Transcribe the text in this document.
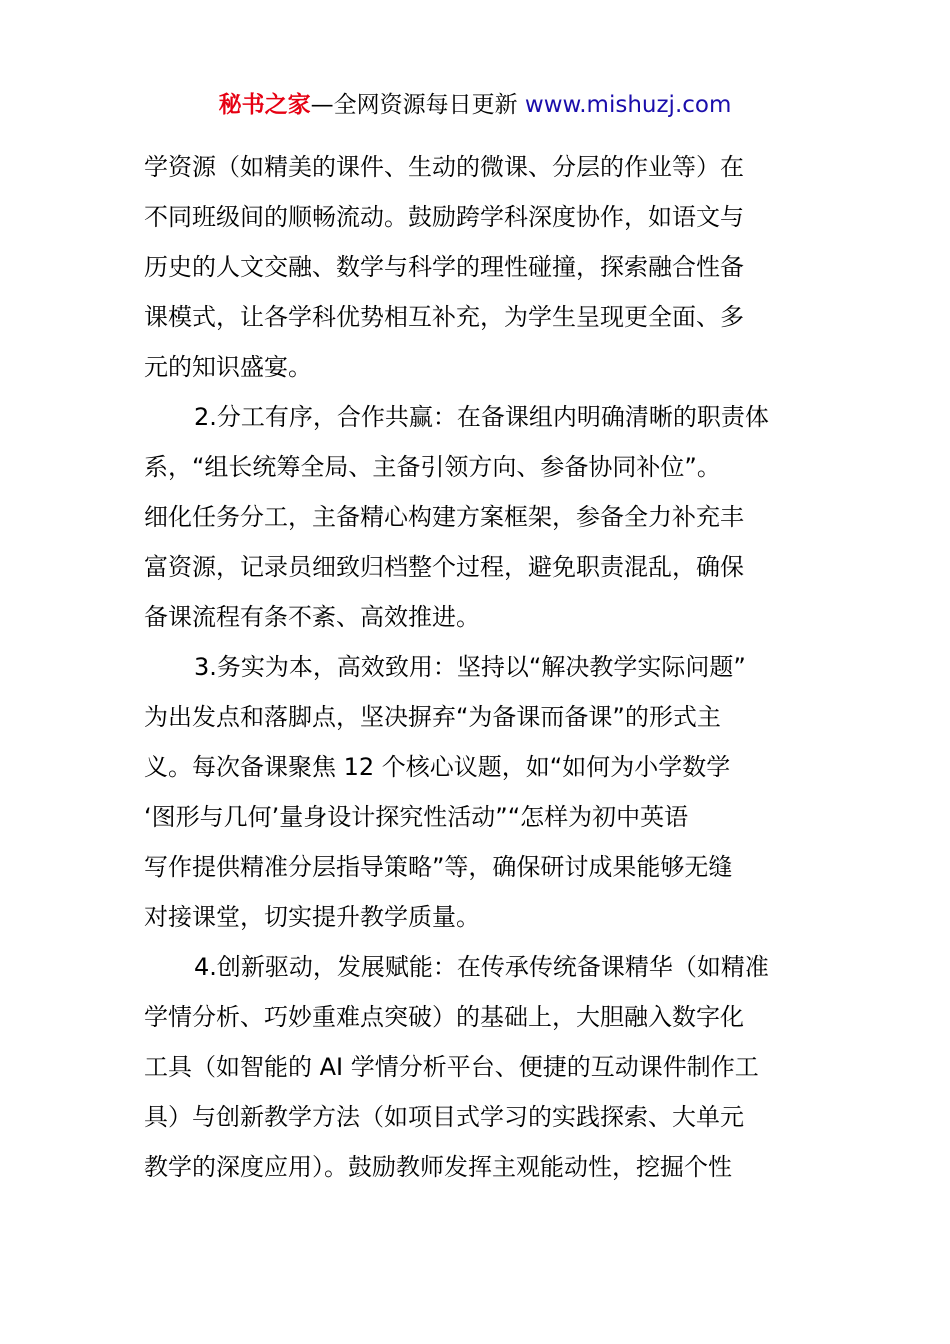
秘书之家—全网资源每日更新 www.mishuzj.com
学资源（如精美的课件、生动的微课、分层的作业等）在
不同班级间的顺畅流动。鼓励跨学科深度协作，如语文与
历史的人文交融、数学与科学的理性碰撞，探索融合性备
课模式，让各学科优势相互补充，为学生呈现更全面、多
元的知识盛宴。
2.分工有序，合作共赢：在备课组内明确清晰的职责体
系，“组长统筹全局、主备引领方向、参备协同补位”。
细化任务分工，主备精心构建方案框架，参备全力补充丰
富资源，记录员细致归档整个过程，避免职责混乱，确保
备课流程有条不紊、高效推进。
3.务实为本，高效致用：坚持以“解决教学实际问题”
为出发点和落脚点，坚决摒弃“为备课而备课”的形式主
义。每次备课聚焦 12 个核心议题，如“如何为小学数学
‘图形与几何’量身设计探究性活动”“怎样为初中英语
写作提供精准分层指导策略”等，确保研讨成果能够无缝
对接课堂，切实提升教学质量。
4.创新驱动，发展赋能：在传承传统备课精华（如精准
学情分析、巧妙重难点突破）的基础上，大胆融入数字化
工具（如智能的 AI 学情分析平台、便捷的互动课件制作工
具）与创新教学方法（如项目式学习的实践探索、大单元
教学的深度应用）。鼓励教师发挥主观能动性，挖掘个性
